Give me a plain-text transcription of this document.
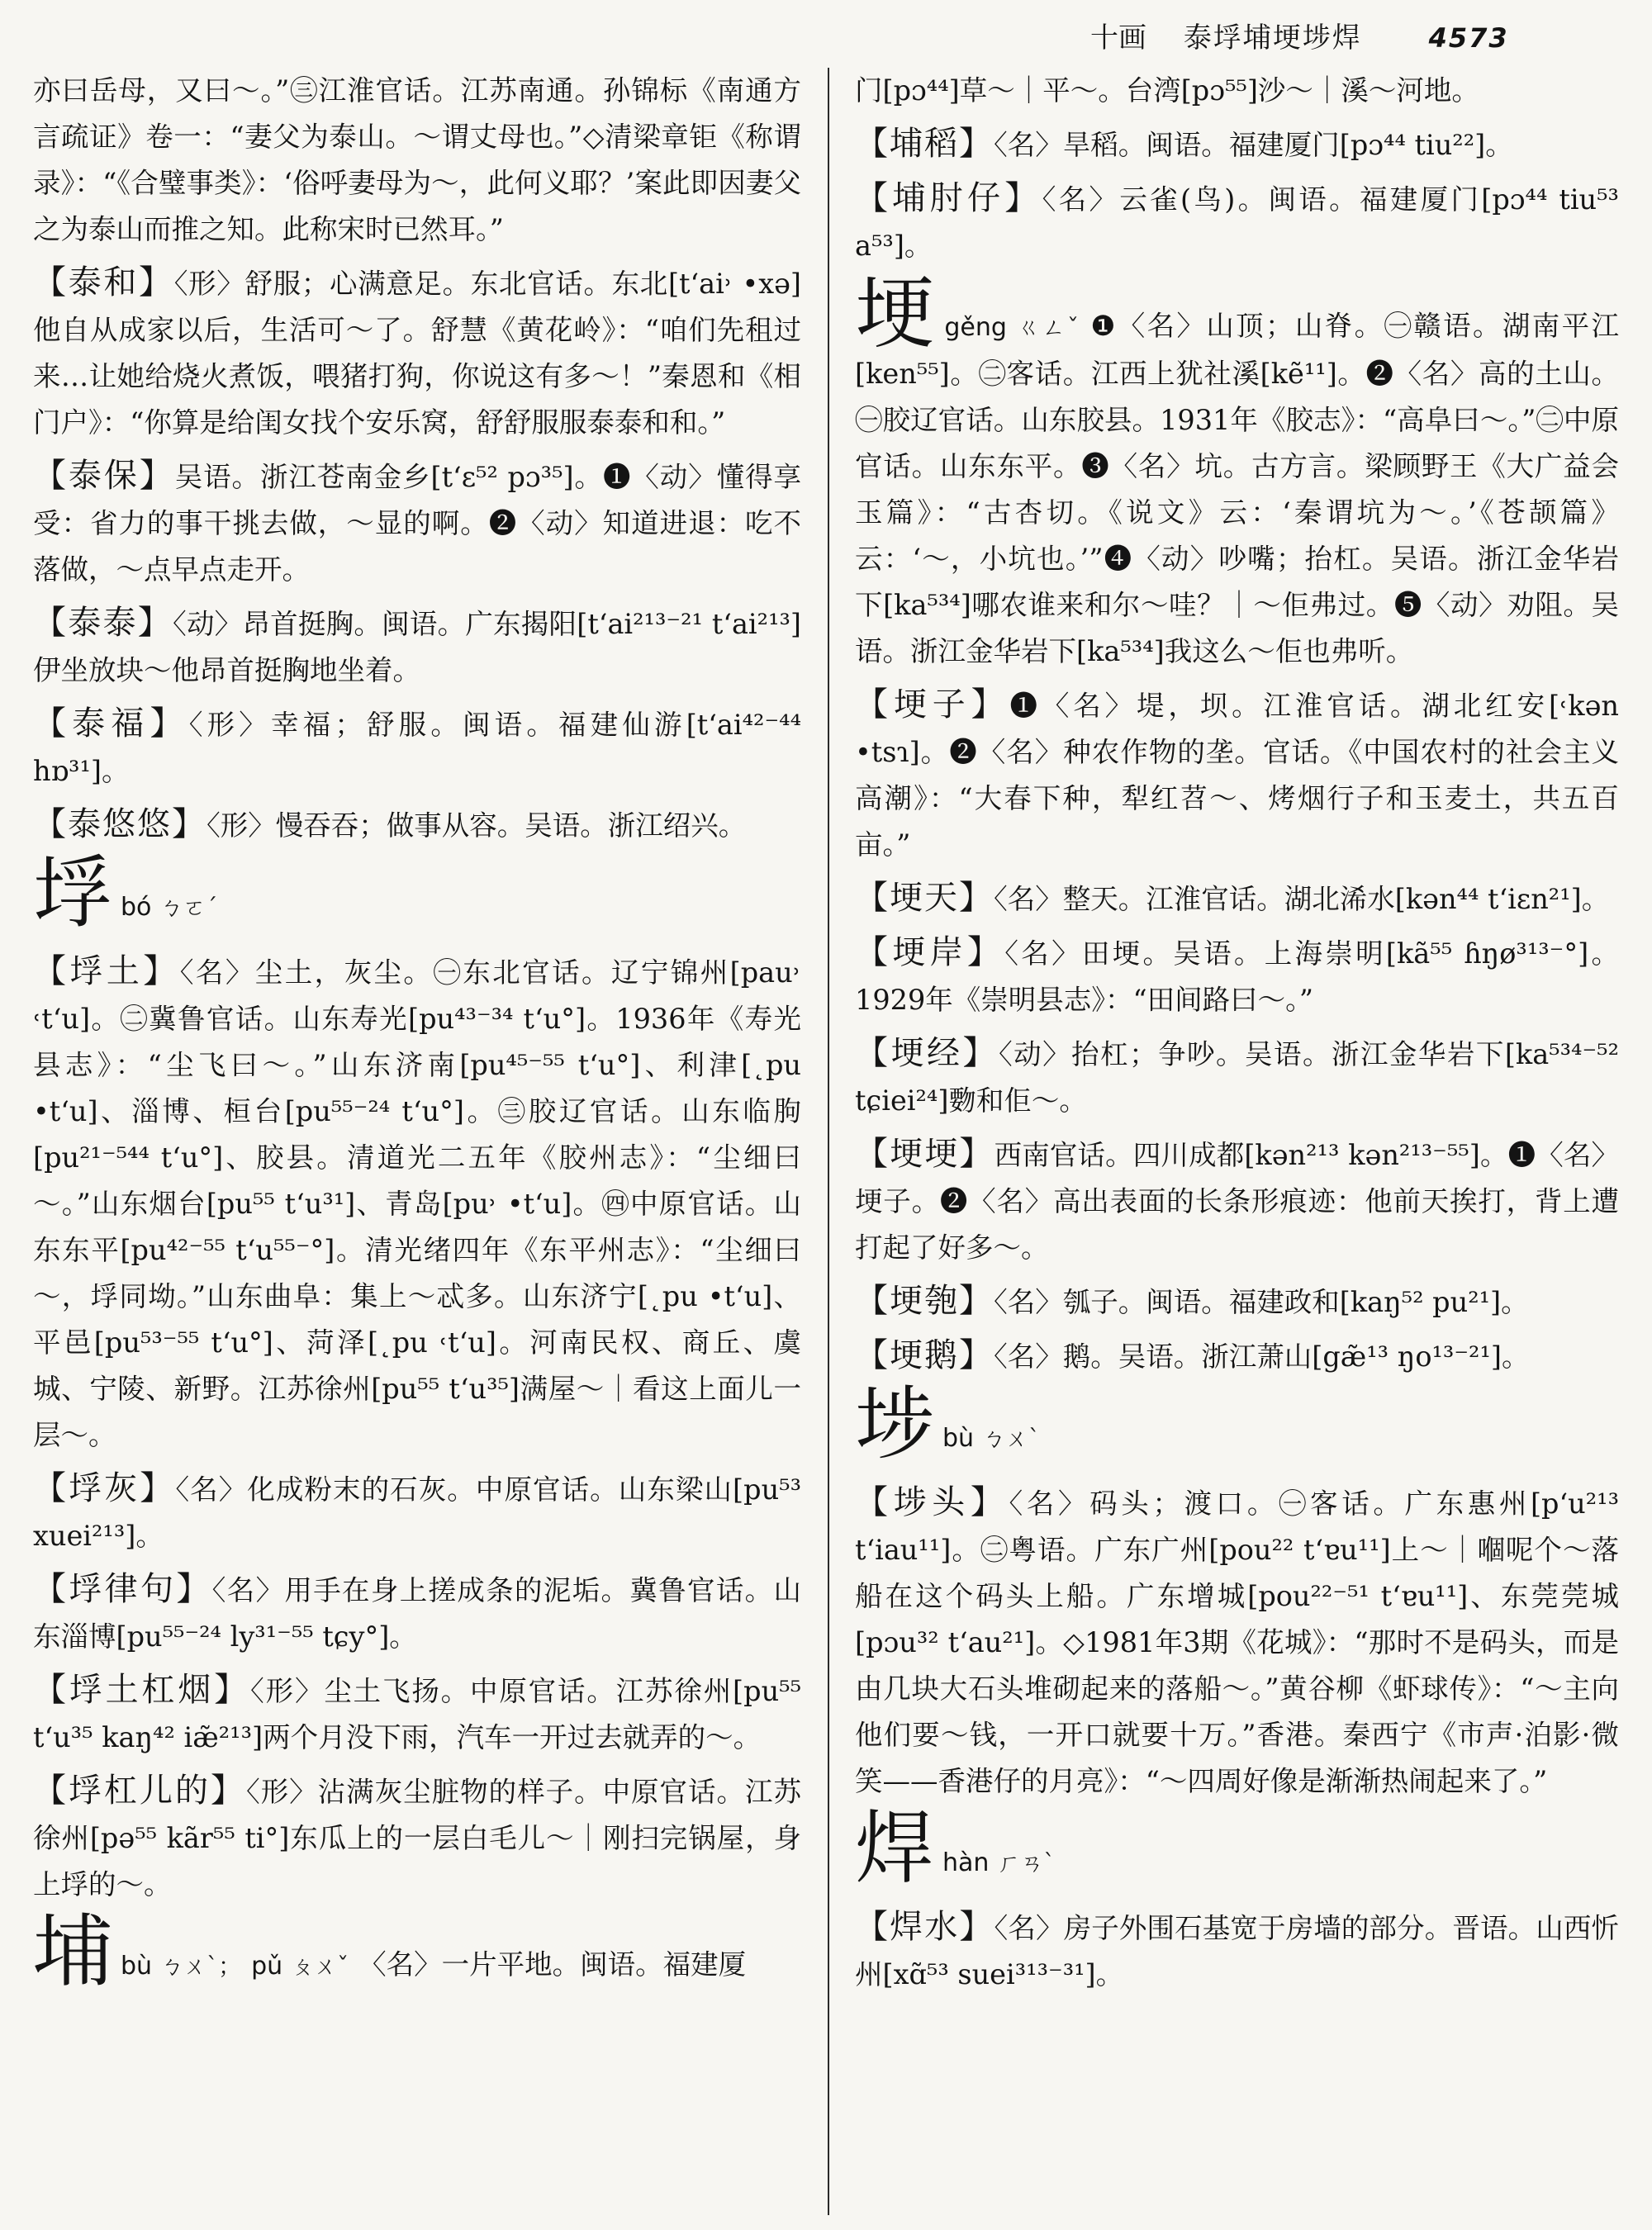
十画 泰垺埔埂埗焊	4573
亦曰岳母，又曰～。”㊂江淮官话。江苏南通。孙锦标《南通方言疏证》卷一：“妻父为泰山。～谓丈母也。”◇清梁章钜《称谓录》：“《合璧事类》：‘俗呼妻母为～，此何义耶？’案此即因妻父之为泰山而推之知。此称宋时已然耳。”
【泰和】〈形〉舒服；心满意足。东北官话。东北[t‘ai˒ •xə] 他自从成家以后，生活可～了。舒慧《黄花岭》：“咱们先租过来…让她给烧火煮饭，喂猪打狗，你说这有多～！”秦恩和《相门户》：“你算是给闺女找个安乐窝，舒舒服服泰泰和和。”
【泰保】吴语。浙江苍南金乡[t‘ɛ⁵² pɔ³⁵]。❶〈动〉懂得享受：省力的事干挑去做，～显的啊。❷〈动〉知道进退：吃不落做，～点早点走开。
【泰泰】〈动〉昂首挺胸。闽语。广东揭阳[t‘ai²¹³⁻²¹ t‘ai²¹³]伊坐放块～他昂首挺胸地坐着。
【泰福】〈形〉幸福；舒服。闽语。福建仙游[t‘ai⁴²⁻⁴⁴ hɒ³¹]。
【泰悠悠】〈形〉慢吞吞；做事从容。吴语。浙江绍兴。
垺bó ㄅㄛˊ
【垺土】〈名〉尘土，灰尘。㊀东北官话。辽宁锦州[pau˒ ˓t‘u]。㊁冀鲁官话。山东寿光[pu⁴³⁻³⁴ t‘u°]。1936年《寿光县志》：“尘飞曰～。”山东济南[pu⁴⁵⁻⁵⁵ t‘u°]、利津[˛pu •t‘u]、淄博、桓台[pu⁵⁵⁻²⁴ t‘u°]。㊂胶辽官话。山东临朐[pu²¹⁻⁵⁴⁴ t‘u°]、胶县。清道光二五年《胶州志》：“尘细曰～。”山东烟台[pu⁵⁵ t‘u³¹]、青岛[pu˒ •t‘u]。㊃中原官话。山东东平[pu⁴²⁻⁵⁵ t‘u⁵⁵⁻°]。清光绪四年《东平州志》：“尘细曰～，垺同坳。”山东曲阜：集上～忒多。山东济宁[˛pu •t‘u]、平邑[pu⁵³⁻⁵⁵ t‘u°]、菏泽[˛pu ˓t‘u]。河南民权、商丘、虞城、宁陵、新野。江苏徐州[pu⁵⁵ t‘u³⁵]满屋～｜看这上面儿一层～。
【垺灰】〈名〉化成粉末的石灰。中原官话。山东梁山[pu⁵³ xuei²¹³]。
【垺律句】〈名〉用手在身上搓成条的泥垢。冀鲁官话。山东淄博[pu⁵⁵⁻²⁴ ly³¹⁻⁵⁵ tɕy°]。
【垺土杠烟】〈形〉尘土飞扬。中原官话。江苏徐州[pu⁵⁵ t‘u³⁵ kaŋ⁴² iæ̃²¹³]两个月没下雨，汽车一开过去就弄的～。
【垺杠儿的】〈形〉沾满灰尘脏物的样子。中原官话。江苏徐州[pə⁵⁵ kãr⁵⁵ ti°]东瓜上的一层白毛儿～｜刚扫完锅屋，身上垺的～。
埔bù ㄅㄨˋ； pǔ ㄆㄨˇ 〈名〉一片平地。闽语。福建厦
门[pɔ⁴⁴]草～｜平～。台湾[pɔ⁵⁵]沙～｜溪～河地。
【埔稻】〈名〉旱稻。闽语。福建厦门[pɔ⁴⁴ tiu²²]。
【埔肘仔】〈名〉云雀(鸟)。闽语。福建厦门[pɔ⁴⁴ tiu⁵³ a⁵³]。
埂gěng ㄍㄥˇ ❶〈名〉山顶；山脊。㊀赣语。湖南平江[ken⁵⁵]。㊁客话。江西上犹社溪[kẽ¹¹]。❷〈名〉高的土山。㊀胶辽官话。山东胶县。1931年《胶志》：“高阜曰～。”㊁中原官话。山东东平。❸〈名〉坑。古方言。梁顾野王《大广益会玉篇》：“古杏切。《说文》云：‘秦谓坑为～。’《苍颉篇》云：‘～，小坑也。’”❹〈动〉吵嘴；抬杠。吴语。浙江金华岩下[ka⁵³⁴]哪农谁来和尔～哇？｜～佢弗过。❺〈动〉劝阻。吴语。浙江金华岩下[ka⁵³⁴]我这么～佢也弗听。
【埂子】❶〈名〉堤，坝。江淮官话。湖北红安[˓kən •tsɿ]。❷〈名〉种农作物的垄。官话。《中国农村的社会主义高潮》：“大春下种，犁红苕～、烤烟行子和玉麦土，共五百亩。”
【埂天】〈名〉整天。江淮官话。湖北浠水[kən⁴⁴ t‘iɛn²¹]。
【埂岸】〈名〉田埂。吴语。上海崇明[kã⁵⁵ ɦŋø³¹³⁻°]。1929年《崇明县志》：“田间路曰～。”
【埂经】〈动〉抬杠；争吵。吴语。浙江金华岩下[ka⁵³⁴⁻⁵² tɕiei²⁴]覅和佢～。
【埂埂】西南官话。四川成都[kən²¹³ kən²¹³⁻⁵⁵]。❶〈名〉埂子。❷〈名〉高出表面的长条形痕迹：他前天挨打，背上遭打起了好多～。
【埂匏】〈名〉瓠子。闽语。福建政和[kaŋ⁵² pu²¹]。
【埂鹅】〈名〉鹅。吴语。浙江萧山[gæ̃¹³ ŋo¹³⁻²¹]。
埗bù ㄅㄨˋ
【埗头】〈名〉码头；渡口。㊀客话。广东惠州[p‘u²¹³ t‘iau¹¹]。㊁粤语。广东广州[pou²² t‘ɐu¹¹]上～｜嗰呢个～落船在这个码头上船。广东增城[pou²²⁻⁵¹ t‘ɐu¹¹]、东莞莞城[pɔu³² t‘au²¹]。◇1981年3期《花城》：“那时不是码头，而是由几块大石头堆砌起来的落船～。”黄谷柳《虾球传》：“～主向他们要～钱，一开口就要十万。”香港。秦西宁《市声·泊影·微笑——香港仔的月亮》：“～四周好像是渐渐热闹起来了。”
焊hàn ㄏㄢˋ
【焊水】〈名〉房子外围石基宽于房墙的部分。晋语。山西忻州[xɑ̃⁵³ suei³¹³⁻³¹]。
